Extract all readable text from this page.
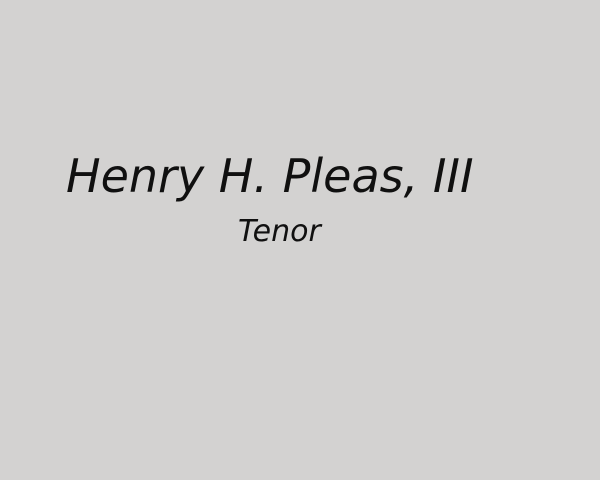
Henry H. Pleas, III
Tenor
